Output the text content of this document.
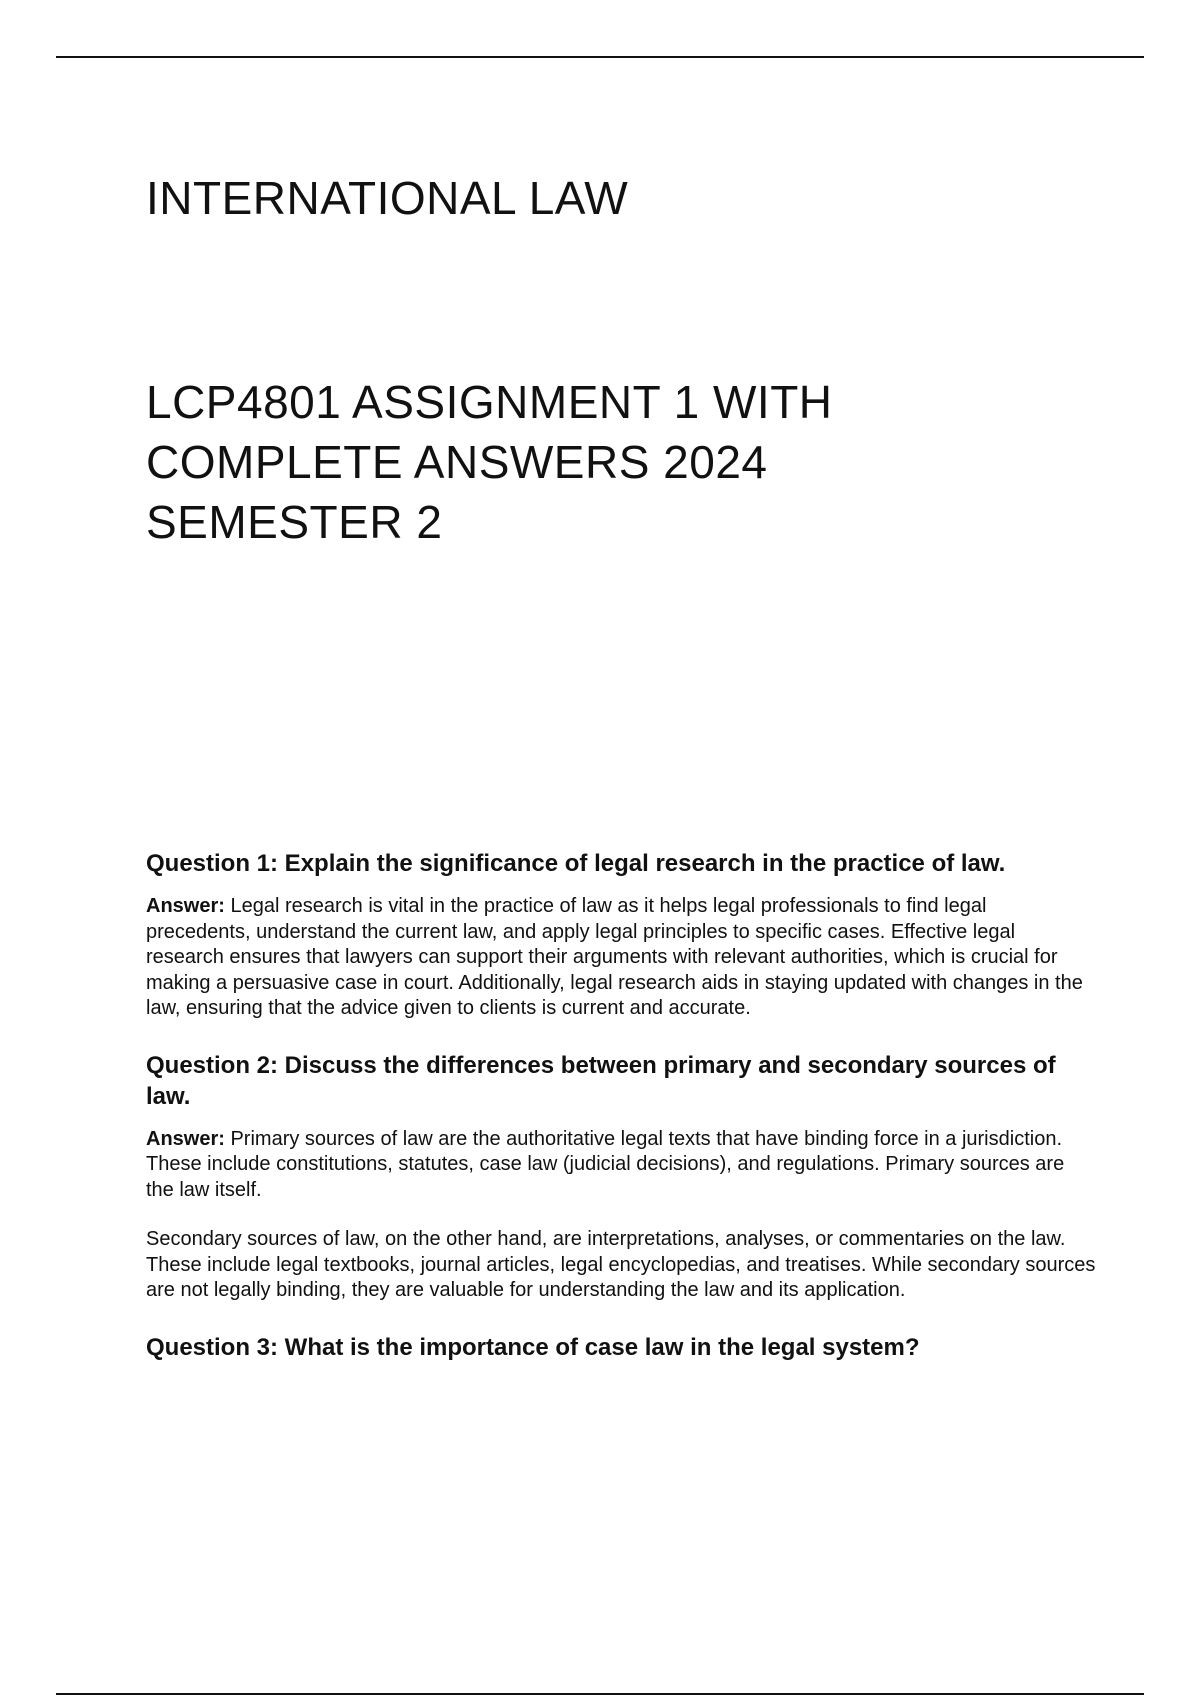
INTERNATIONAL LAW
LCP4801 ASSIGNMENT 1 WITH
COMPLETE ANSWERS 2024
SEMESTER 2
Question 1: Explain the significance of legal research in the practice of law.

Answer: Legal research is vital in the practice of law as it helps legal professionals to find legal precedents, understand the current law, and apply legal principles to specific cases. Effective legal research ensures that lawyers can support their arguments with relevant authorities, which is crucial for making a persuasive case in court. Additionally, legal research aids in staying updated with changes in the law, ensuring that the advice given to clients is current and accurate.

Question 2: Discuss the differences between primary and secondary sources of law.

Answer: Primary sources of law are the authoritative legal texts that have binding force in a jurisdiction. These include constitutions, statutes, case law (judicial decisions), and regulations. Primary sources are the law itself.

Secondary sources of law, on the other hand, are interpretations, analyses, or commentaries on the law. These include legal textbooks, journal articles, legal encyclopedias, and treatises. While secondary sources are not legally binding, they are valuable for understanding the law and its application.

Question 3: What is the importance of case law in the legal system?
